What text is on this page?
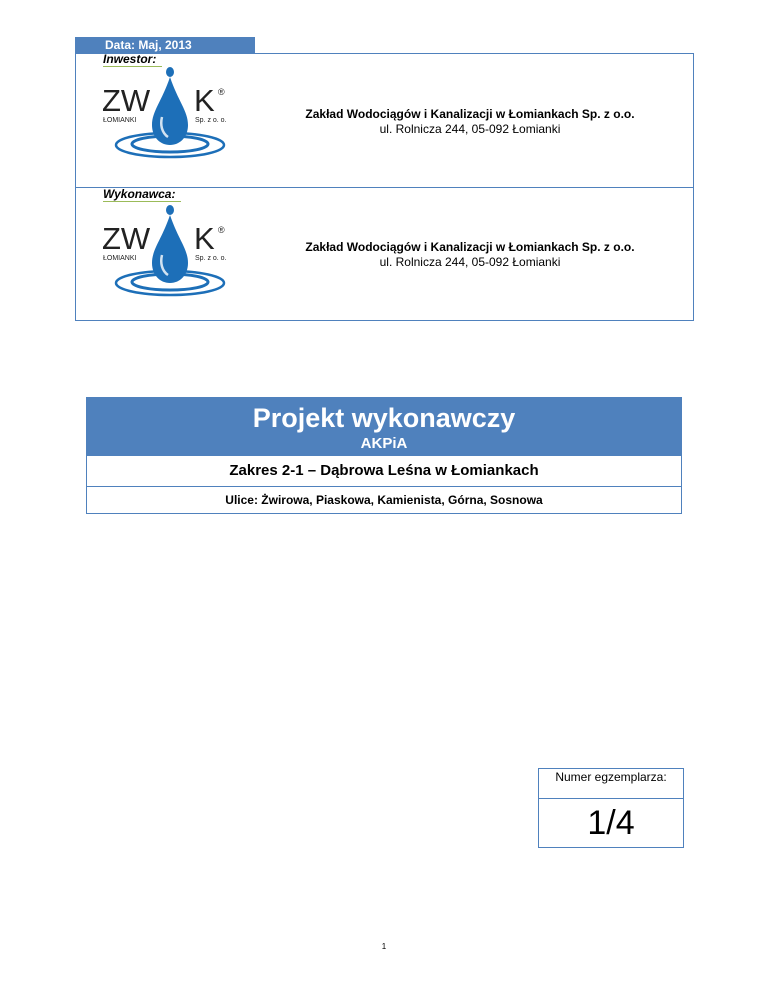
Data: Maj, 2013
Inwestor:
ZW K ®
ŁOMIANKI	Sp. z o. o.	Zakład Wodociągów i Kanalizacji w Łomiankach Sp. z o.o.
ul. Rolnicza 244, 05-092 Łomianki
Wykonawca:
ZW K ®
ŁOMIANKI	Sp. z o. o.
Zakład Wodociągów i Kanalizacji w Łomiankach Sp. z o.o.
ul. Rolnicza 244, 05-092 Łomianki
Projekt wykonawczy
AKPiA
Zakres 2-1 – Dąbrowa Leśna w Łomiankach
Ulice: Żwirowa, Piaskowa, Kamienista, Górna, Sosnowa
Numer egzemplarza:
1/4
1
